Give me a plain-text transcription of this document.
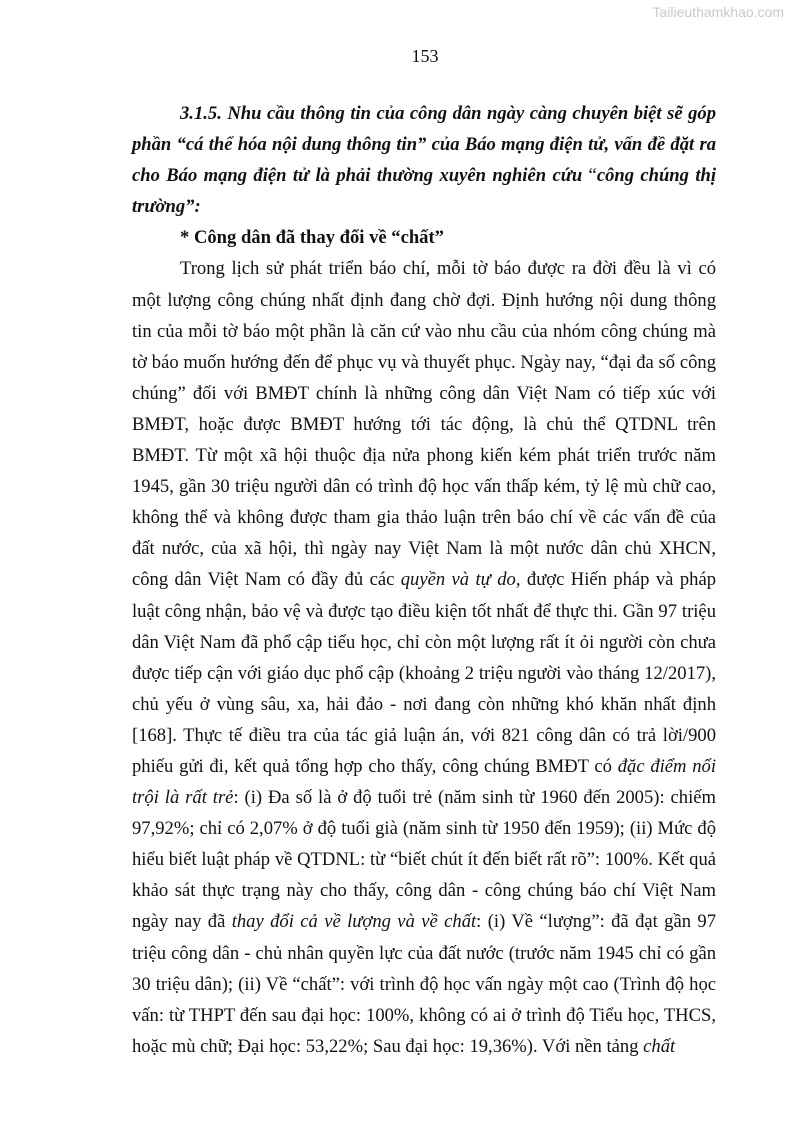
Tailieuthamkhao.com
153

3.1.5. Nhu cầu thông tin của công dân ngày càng chuyên biệt sẽ góp phần “cá thể hóa nội dung thông tin” của Báo mạng điện tử, vấn đề đặt ra cho Báo mạng điện tử là phải thường xuyên nghiên cứu “công chúng thị trường”:

* Công dân đã thay đổi về “chất”

Trong lịch sử phát triển báo chí, mỗi tờ báo được ra đời đều là vì có một lượng công chúng nhất định đang chờ đợi. Định hướng nội dung thông tin của mỗi tờ báo một phần là căn cứ vào nhu cầu của nhóm công chúng mà tờ báo muốn hướng đến để phục vụ và thuyết phục. Ngày nay, “đại đa số công chúng” đối với BMĐT chính là những công dân Việt Nam có tiếp xúc với BMĐT, hoặc được BMĐT hướng tới tác động, là chủ thể QTDNL trên BMĐT. Từ một xã hội thuộc địa nửa phong kiến kém phát triển trước năm 1945, gần 30 triệu người dân có trình độ học vấn thấp kém, tỷ lệ mù chữ cao, không thể và không được tham gia thảo luận trên báo chí về các vấn đề của đất nước, của xã hội, thì ngày nay Việt Nam là một nước dân chủ XHCN, công dân Việt Nam có đầy đủ các quyền và tự do, được Hiến pháp và pháp luật công nhận, bảo vệ và được tạo điều kiện tốt nhất để thực thi. Gần 97 triệu dân Việt Nam đã phổ cập tiểu học, chỉ còn một lượng rất ít ỏi người còn chưa được tiếp cận với giáo dục phổ cập (khoảng 2 triệu người vào tháng 12/2017), chủ yếu ở vùng sâu, xa, hải đảo - nơi đang còn những khó khăn nhất định [168]. Thực tế điều tra của tác giả luận án, với 821 công dân có trả lời/900 phiếu gửi đi, kết quả tổng hợp cho thấy, công chúng BMĐT có đặc điểm nổi trội là rất trẻ: (i) Đa số là ở độ tuổi trẻ (năm sinh từ 1960 đến 2005): chiếm 97,92%; chỉ có 2,07% ở độ tuổi già (năm sinh từ 1950 đến 1959); (ii) Mức độ hiểu biết luật pháp về QTDNL: từ “biết chút ít đến biết rất rõ”: 100%. Kết quả khảo sát thực trạng này cho thấy, công dân - công chúng báo chí Việt Nam ngày nay đã thay đổi cả về lượng và về chất: (i) Về “lượng”: đã đạt gần 97 triệu công dân - chủ nhân quyền lực của đất nước (trước năm 1945 chỉ có gần 30 triệu dân); (ii) Về “chất”: với trình độ học vấn ngày một cao (Trình độ học vấn: từ THPT đến sau đại học: 100%, không có ai ở trình độ Tiểu học, THCS, hoặc mù chữ; Đại học: 53,22%; Sau đại học: 19,36%). Với nền tảng chất
